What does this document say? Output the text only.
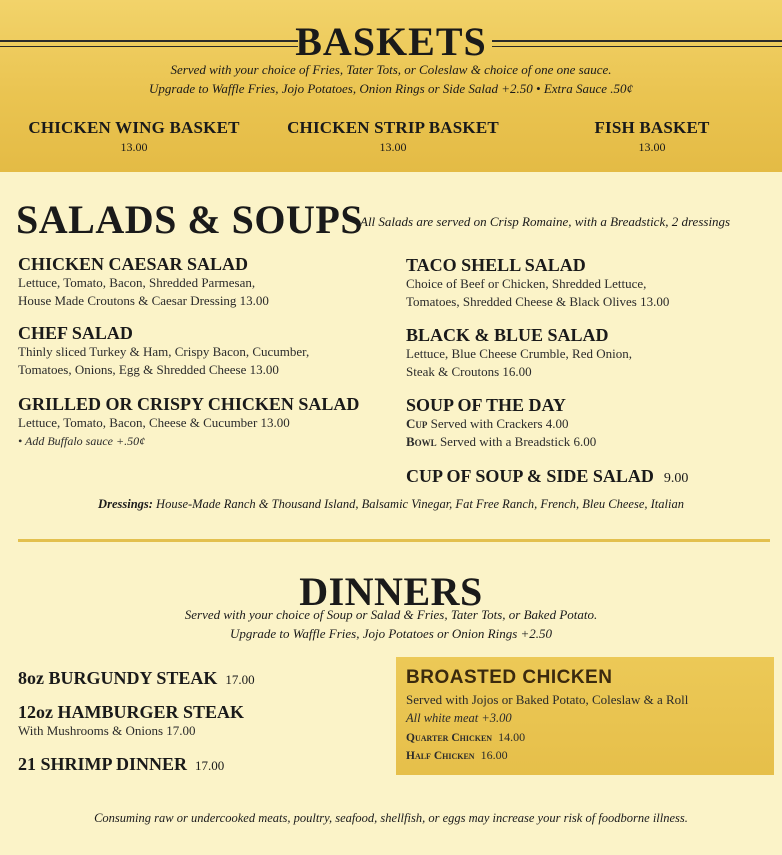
BASKETS
Served with your choice of Fries, Tater Tots, or Coleslaw & choice of one one sauce.
Upgrade to Waffle Fries, Jojo Potatoes, Onion Rings or Side Salad +2.50 • Extra Sauce .50¢
CHICKEN WING BASKET
13.00
CHICKEN STRIP BASKET
13.00
FISH BASKET
13.00
SALADS & SOUPS
All Salads are served on Crisp Romaine, with a Breadstick, 2 dressings
CHICKEN CAESAR SALAD
Lettuce, Tomato, Bacon, Shredded Parmesan,
House Made Croutons & Caesar Dressing 13.00
CHEF SALAD
Thinly sliced Turkey & Ham, Crispy Bacon, Cucumber,
Tomatoes, Onions, Egg & Shredded Cheese 13.00
GRILLED OR CRISPY CHICKEN SALAD
Lettuce, Tomato, Bacon, Cheese & Cucumber 13.00
• Add Buffalo sauce +.50¢
TACO SHELL SALAD
Choice of Beef or Chicken, Shredded Lettuce,
Tomatoes, Shredded Cheese & Black Olives 13.00
BLACK & BLUE SALAD
Lettuce, Blue Cheese Crumble, Red Onion,
Steak & Croutons 16.00
SOUP OF THE DAY
Cup Served with Crackers 4.00
Bowl Served with a Breadstick 6.00
CUP OF SOUP & SIDE SALAD 9.00
Dressings: House-Made Ranch & Thousand Island, Balsamic Vinegar, Fat Free Ranch, French, Bleu Cheese, Italian
DINNERS
Served with your choice of Soup or Salad & Fries, Tater Tots, or Baked Potato.
Upgrade to Waffle Fries, Jojo Potatoes or Onion Rings +2.50
8oz BURGUNDY STEAK 17.00
12oz HAMBURGER STEAK
With Mushrooms & Onions 17.00
21 SHRIMP DINNER 17.00
BROASTED CHICKEN
Served with Jojos or Baked Potato, Coleslaw & a Roll
All white meat +3.00
Quarter Chicken 14.00
Half Chicken 16.00
Consuming raw or undercooked meats, poultry, seafood, shellfish, or eggs may increase your risk of foodborne illness.
